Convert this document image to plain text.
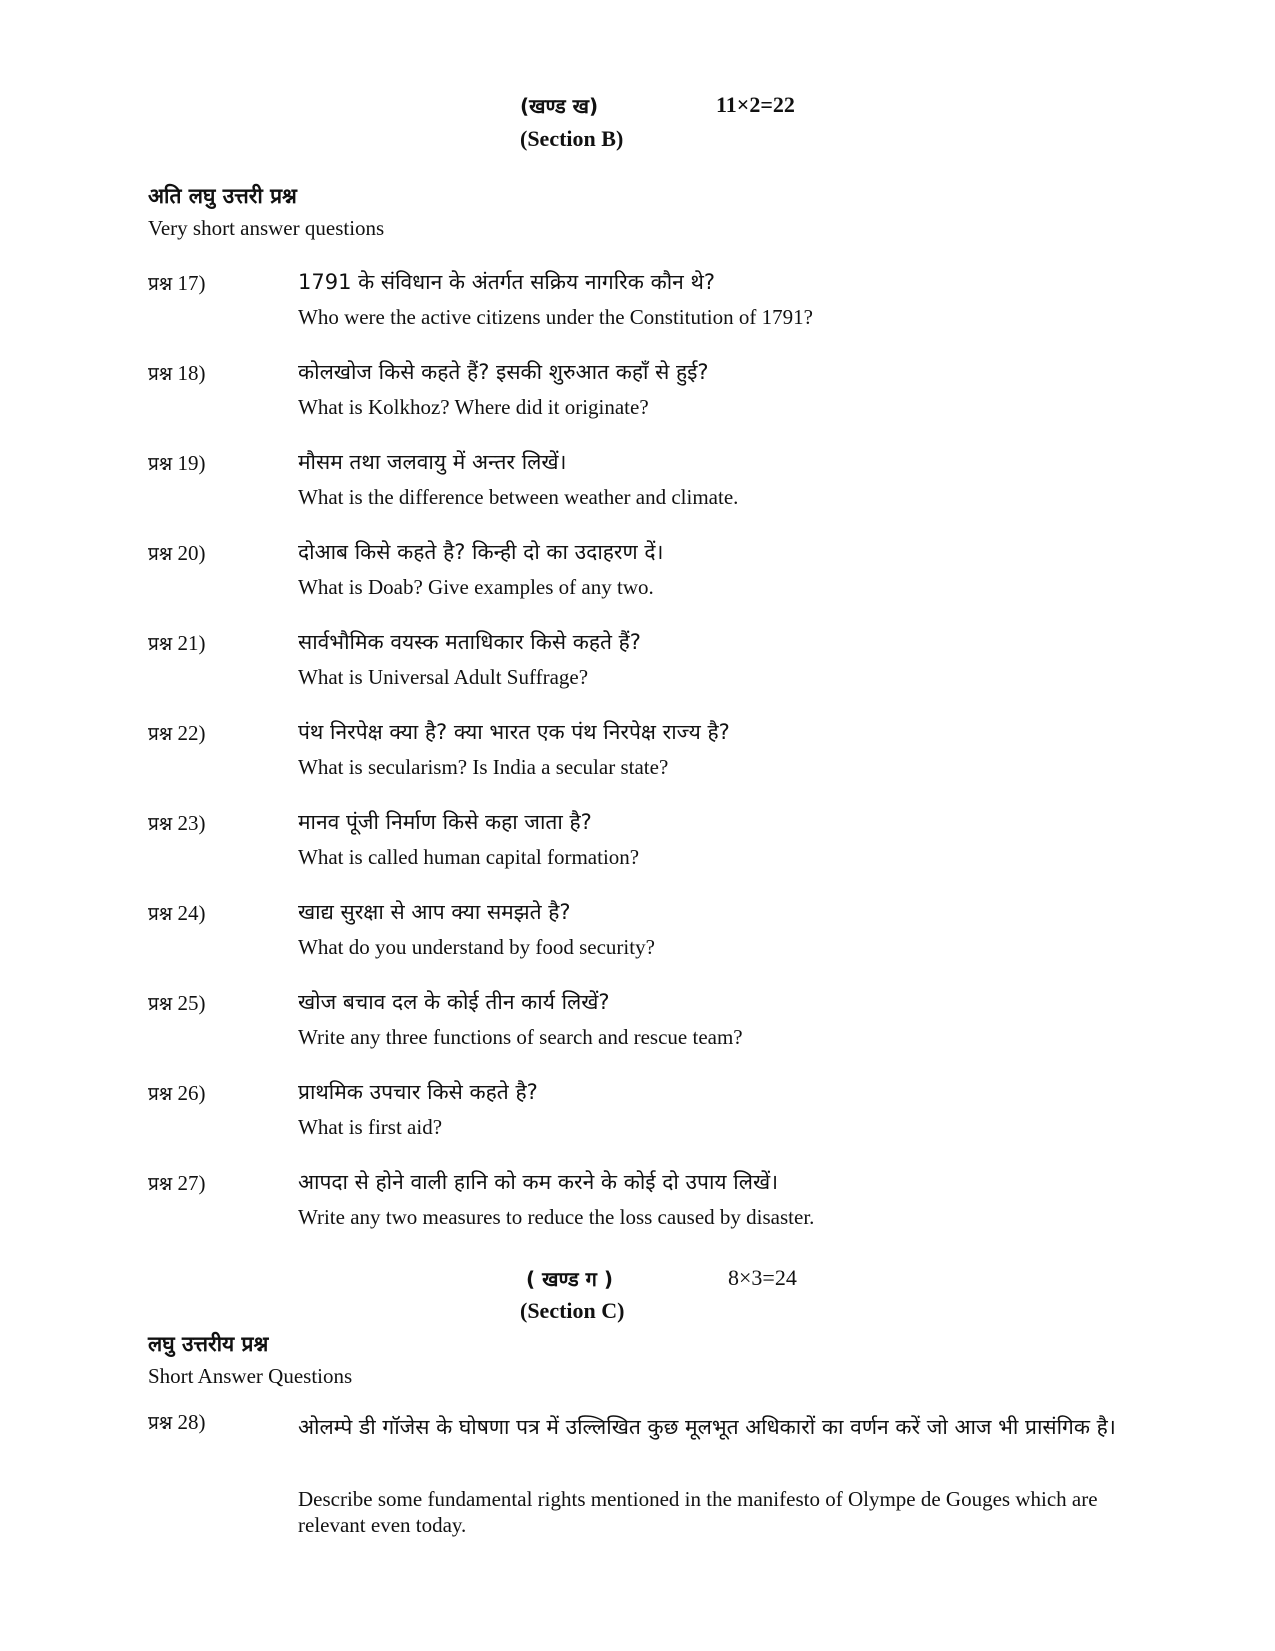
(खण्ड ख)	11×2=22
(Section B)
अति लघु उत्तरी प्रश्न
Very short answer questions
प्रश्न 17)	1791 के संविधान के अंतर्गत सक्रिय नागरिक कौन थे?
Who were the active citizens under the Constitution of 1791?
प्रश्न 18)	कोलखोज किसे कहते हैं? इसकी शुरुआत कहाँ से हुई?
What is Kolkhoz? Where did it originate?
प्रश्न 19)	मौसम तथा जलवायु में अन्तर लिखें।
What is the difference between weather and climate.
प्रश्न 20)	दोआब किसे कहते है? किन्ही दो का उदाहरण दें।
What is Doab? Give examples of any two.
प्रश्न 21)	सार्वभौमिक वयस्क मताधिकार किसे कहते हैं?
What is Universal Adult Suffrage?
प्रश्न 22)	पंथ निरपेक्ष क्या है? क्या भारत एक पंथ निरपेक्ष राज्य है?
What is secularism? Is India a secular state?
प्रश्न 23)	मानव पूंजी निर्माण किसे कहा जाता है?
What is called human capital formation?
प्रश्न 24)	खाद्य सुरक्षा से आप क्या समझते है?
What do you understand by food security?
प्रश्न 25)	खोज बचाव दल के कोई तीन कार्य लिखें?
Write any three functions of search and rescue team?
प्रश्न 26)	प्राथमिक उपचार किसे कहते है?
What is first aid?
प्रश्न 27)	आपदा से होने वाली हानि को कम करने के कोई दो उपाय लिखें।
Write any two measures to reduce the loss caused by disaster.
( खण्ड ग )	8×3=24
(Section C)
लघु उत्तरीय प्रश्न
Short Answer Questions
प्रश्न 28)	ओलम्पे डी गॉजेस के घोषणा पत्र में उल्लिखित कुछ मूलभूत अधिकारों का वर्णन करें जो आज भी प्रासंगिक है।
Describe some fundamental rights mentioned in the manifesto of Olympe de Gouges which are relevant even today.
